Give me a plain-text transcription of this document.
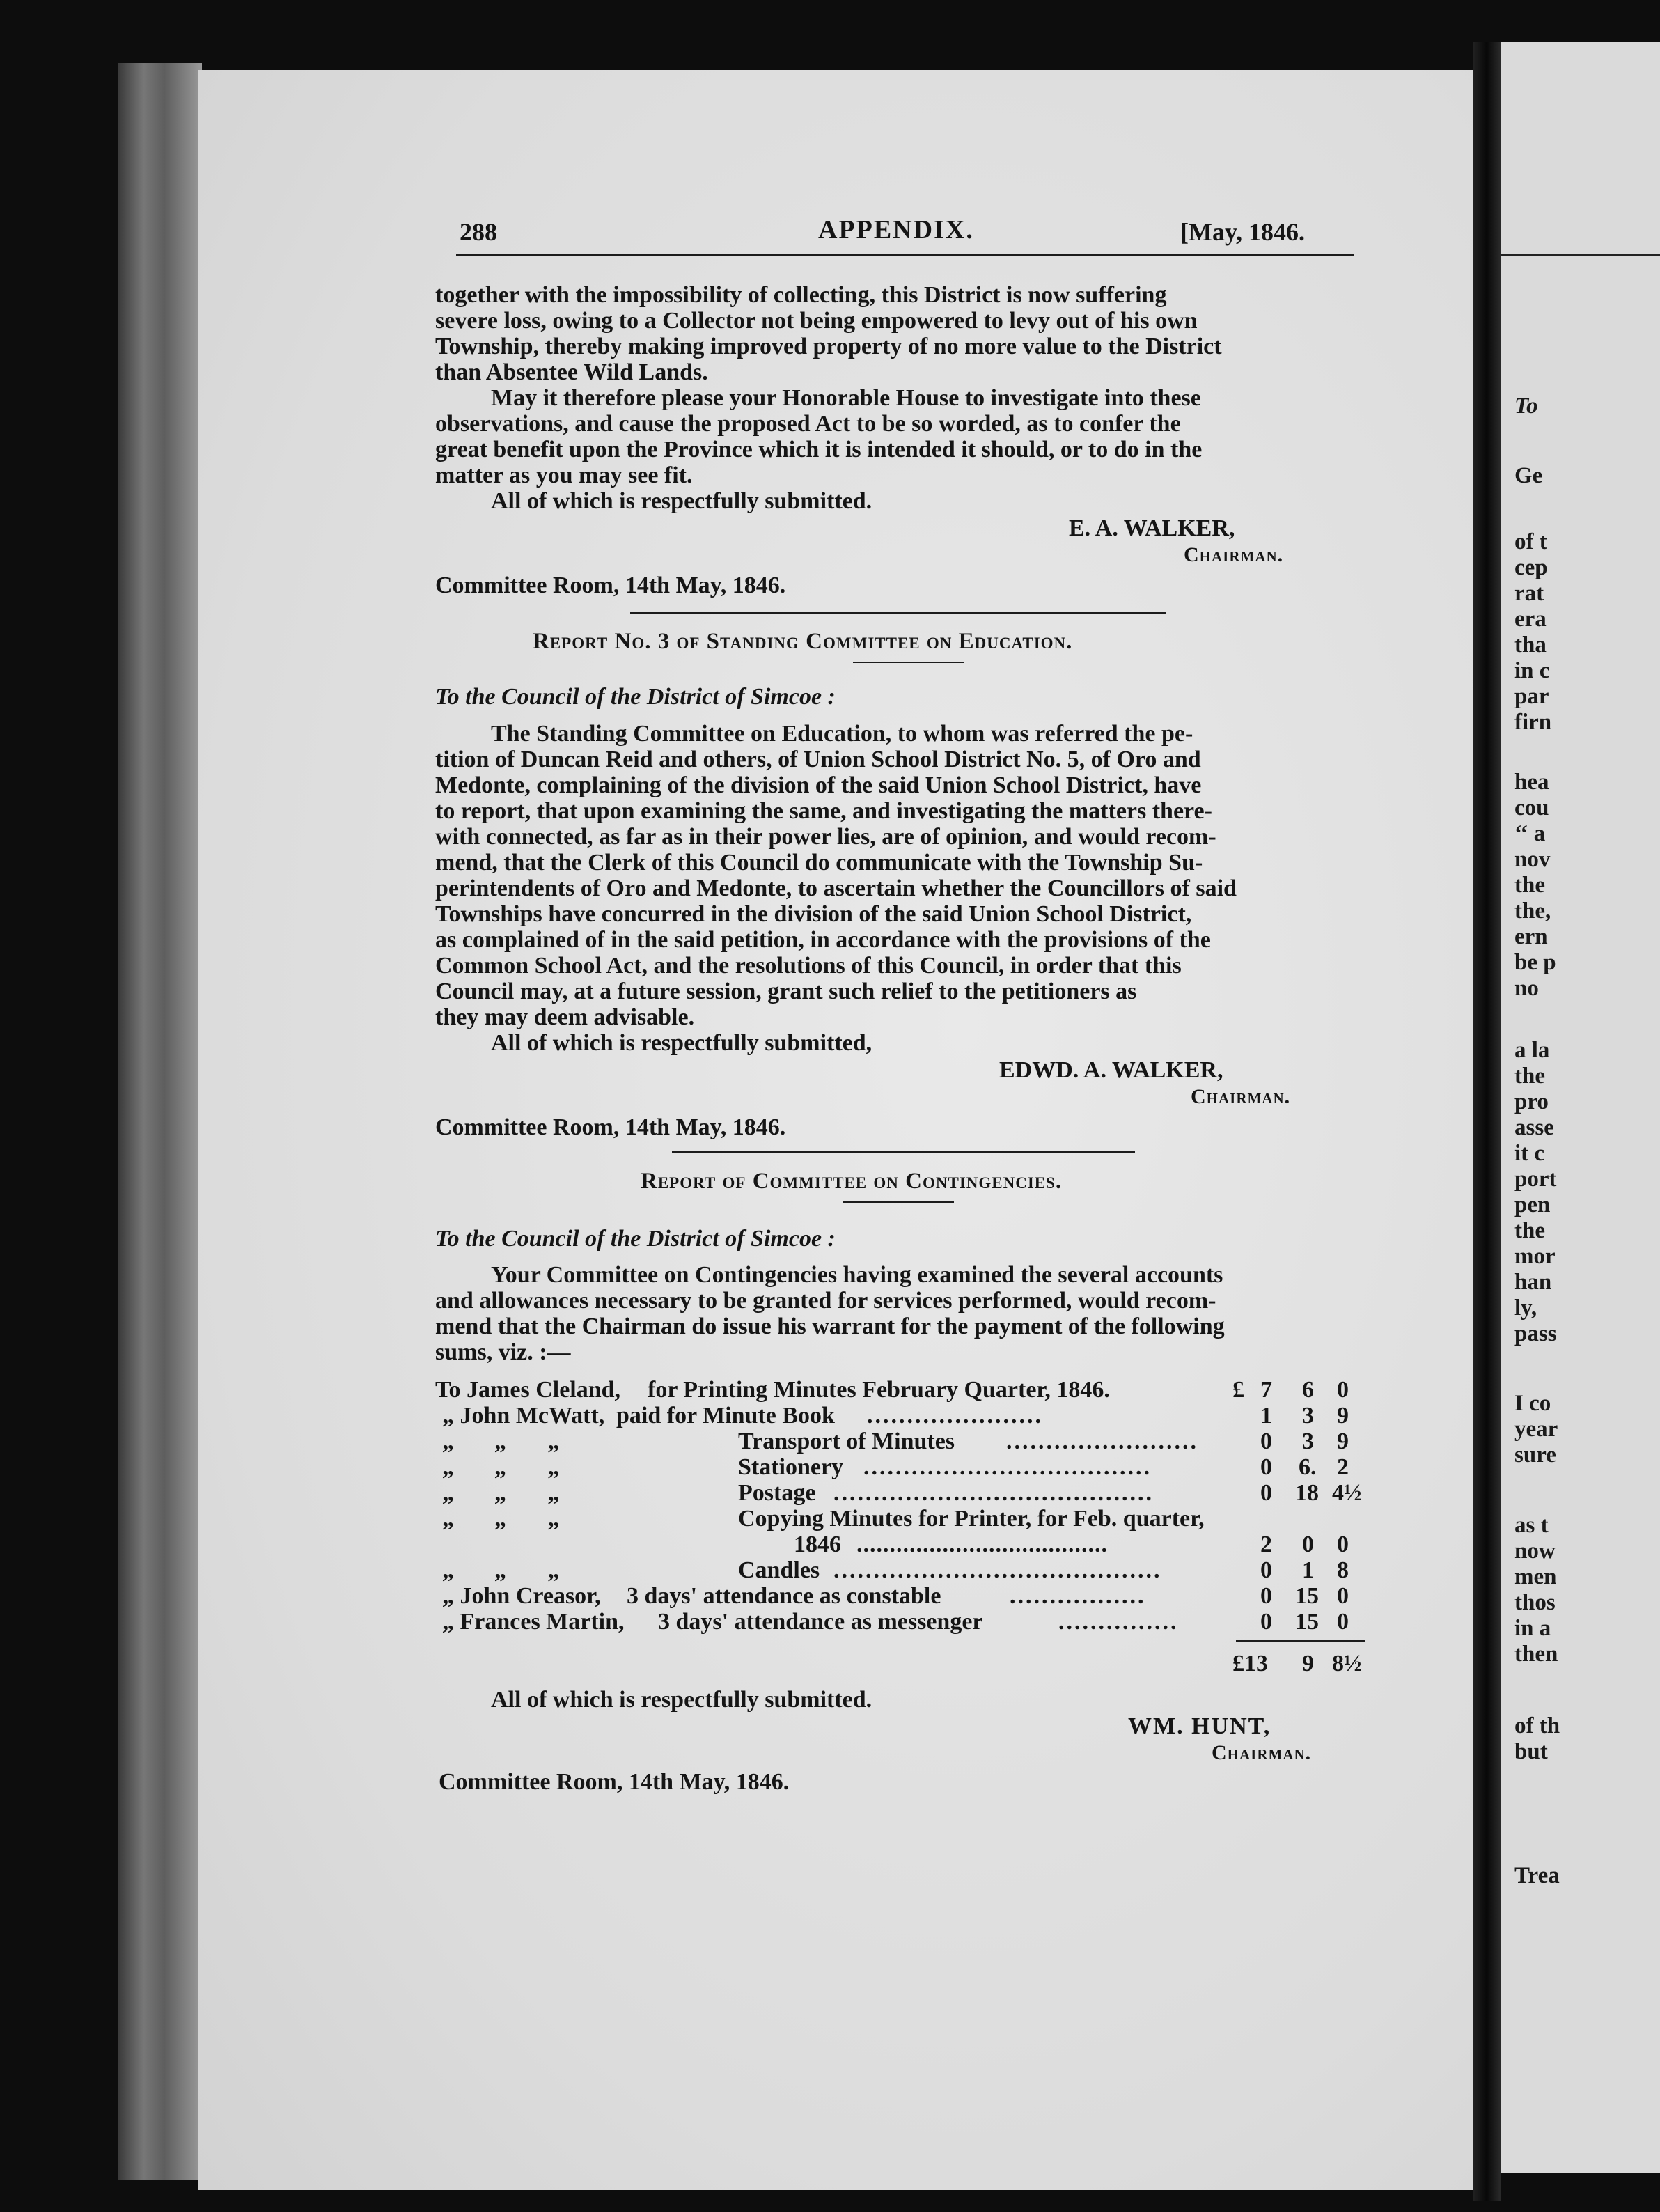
288	APPENDIX.	[May, 1846.
together with the impossibility of collecting, this District is now suffering
severe loss, owing to a Collector not being empowered to levy out of his own
Township, thereby making improved property of no more value to the District
than Absentee Wild Lands.
May it therefore please your Honorable House to investigate into these
observations, and cause the proposed Act to be so worded, as to confer the
great benefit upon the Province which it is intended it should, or to do in the
matter as you may see fit.
All of which is respectfully submitted.
E. A. WALKER,
Chairman.
Committee Room, 14th May, 1846.
Report No. 3 of Standing Committee on Education.
To the Council of the District of Simcoe :
The Standing Committee on Education, to whom was referred the pe-
tition of Duncan Reid and others, of Union School District No. 5, of Oro and
Medonte, complaining of the division of the said Union School District, have
to report, that upon examining the same, and investigating the matters there-
with connected, as far as in their power lies, are of opinion, and would recom-
mend, that the Clerk of this Council do communicate with the Township Su-
perintendents of Oro and Medonte, to ascertain whether the Councillors of said
Townships have concurred in the division of the said Union School District,
as complained of in the said petition, in accordance with the provisions of the
Common School Act, and the resolutions of this Council, in order that this
Council may, at a future session, grant such relief to the petitioners as
they may deem advisable.
All of which is respectfully submitted,
EDWD. A. WALKER,
Chairman.
Committee Room, 14th May, 1846.
Report of Committee on Contingencies.
To the Council of the District of Simcoe :
Your Committee on Contingencies having examined the several accounts
and allowances necessary to be granted for services performed, would recom-
mend that the Chairman do issue his warrant for the payment of the following
sums, viz. :—
To James Cleland, for Printing Minutes February Quarter, 1846.	£ 7 6 0
„ John McWatt, paid for Minute Book ......................	1 3 9
„ „       „	Transport of Minutes ........................	0 3 9
„ „       „	Stationery ....................................	0 6. 2
„ „       „	Postage ........................................	0 18 4½
„ „       „	Copying Minutes for Printer, for Feb. quarter,
1846 ......................................	2 0 0
„ „       „	Candles .........................................	0 1 8
„ John Creasor, 3 days' attendance as constable	.................	0 15 0
„ Frances Martin, 3 days' attendance as messenger	...............	0 15 0
£13 9 8½
All of which is respectfully submitted.
WM. HUNT,
Chairman.
Committee Room, 14th May, 1846.
To
Ge
of t
cep
rat
era
tha
in c
par
firn
hea
cou
‘‘ a
nov
the
the,
ern
be p
no
a la
the
pro
asse
it c
port
pen
the
mor
han
ly,
pass
I co
year
sure
as t
now
men
thos
in a
then
of th
but
Trea
